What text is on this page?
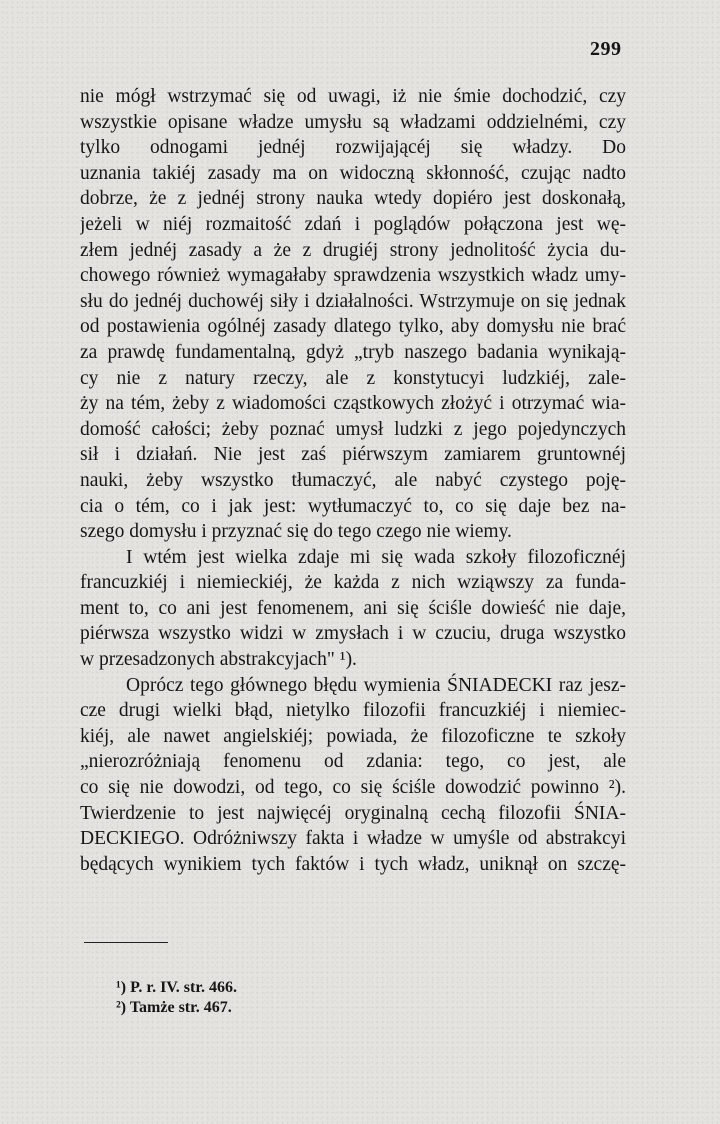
299
nie mógł wstrzymać się od uwagi, iż nie śmie dochodzić, czy
wszystkie opisane władze umysłu są władzami oddzielnémi, czy
tylko odnogami jednéj rozwijającéj się władzy. Do
uznania takiéj zasady ma on widoczną skłonność, czując nadto
dobrze, że z jednéj strony nauka wtedy dopiéro jest doskonałą,
jeżeli w niéj rozmaitość zdań i poglądów połączona jest wę-
złem jednéj zasady a że z drugiéj strony jednolitość życia du-
chowego również wymagałaby sprawdzenia wszystkich władz umy-
słu do jednéj duchowéj siły i działalności. Wstrzymuje on się jednak
od postawienia ogólnéj zasady dlatego tylko, aby domysłu nie brać
za prawdę fundamentalną, gdyż „tryb naszego badania wynikają-
cy nie z natury rzeczy, ale z konstytucyi ludzkiéj, zale-
ży na tém, żeby z wiadomości cząstkowych złożyć i otrzymać wia-
domość całości; żeby poznać umysł ludzki z jego pojedynczych
sił i działań. Nie jest zaś piérwszym zamiarem gruntownéj
nauki, żeby wszystko tłumaczyć, ale nabyć czystego poję-
cia o tém, co i jak jest: wytłumaczyć to, co się daje bez na-
szego domysłu i przyznać się do tego czego nie wiemy.
I wtém jest wielka zdaje mi się wada szkoły filozoficznéj
francuzkiéj i niemieckiéj, że każda z nich wziąwszy za funda-
ment to, co ani jest fenomenem, ani się ściśle dowieść nie daje,
piérwsza wszystko widzi w zmysłach i w czuciu, druga wszystko
w przesadzonych abstrakcyjach" ¹).
Oprócz tego głównego błędu wymienia ŚNIADECKI raz jesz-
cze drugi wielki błąd, nietylko filozofii francuzkiéj i niemiec-
kiéj, ale nawet angielskiéj; powiada, że filozoficzne te szkoły
„nierozróżniają fenomenu od zdania: tego, co jest, ale
co się nie dowodzi, od tego, co się ściśle dowodzić powinno ²).
Twierdzenie to jest najwięcéj oryginalną cechą filozofii ŚNIA-
DECKIEGO. Odróżniwszy fakta i władze w umyśle od abstrakcyi
będących wynikiem tych faktów i tych władz, uniknął on szczę-
¹) P. r. IV. str. 466.
²) Tamże str. 467.
